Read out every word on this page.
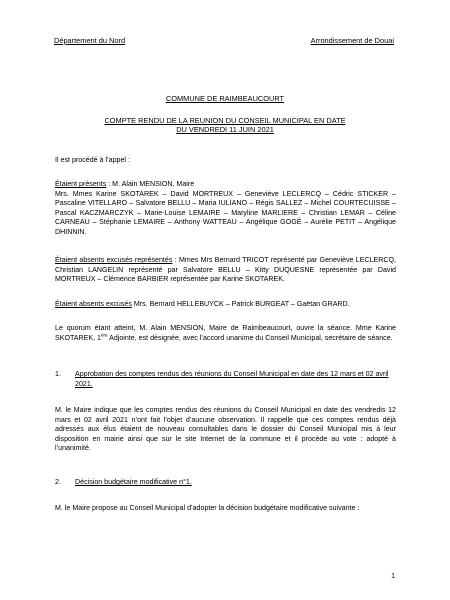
Département du Nord	Arrondissement de Douai
COMMUNE DE RAIMBEAUCOURT
COMPTE RENDU DE LA REUNION DU CONSEIL MUNICIPAL EN DATE
DU VENDREDI 11 JUIN 2021
Il est procédé à l’appel :
Étaient présents : M. Alain MENSION, Maire
Mrs. Mmes Karine SKOTAREK – David MORTREUX – Geneviève LECLERCQ – Cédric STICKER – Pascaline VITELLARO – Salvatore BELLU – Maria IULIANO – Régis SALLEZ – Michel COURTECUISSE – Pascal KACZMARCZYK – Marie-Louise LEMAIRE – Maryline MARLIERE – Christian LEMAR – Céline CARNEAU – Stéphanie LEMAIRE – Anthony WATTEAU – Angélique GOGÉ – Aurélie PETIT – Angélique DHINNIN.
Étaient absents excusés représentés : Mmes Mrs Bernard TRICOT représenté par Geneviève LECLERCQ, Christian LANGELIN représenté par Salvatore BELLU – Kitty DUQUESNE représentée par David MORTREUX – Clémence BARBIER représentée par Karine SKOTAREK.
Étaient absents excusés Mrs. Bernard HELLEBUYCK – Patrick BURGEAT – Gaëtan GRARD.
Le quorum étant atteint, M. Alain MENSION, Maire de Raimbeaucourt, ouvre la séance. Mme Karine SKOTAREK, 1ère Adjointe, est désignée, avec l’accord unanime du Conseil Municipal, secrétaire de séance.
1. Approbation des comptes rendus des réunions du Conseil Municipal en date des 12 mars et 02 avril 2021.
M. le Maire indique que les comptes rendus des réunions du Conseil Municipal en date des vendredis 12 mars et 02 avril 2021 n’ont fait l’objet d’aucune observation. Il rappelle que ces comptes rendus déjà adressés aux élus étaient de nouveau consultables dans le dossier du Conseil Municipal mis à leur disposition en mairie ainsi que sur le site Internet de la commune et il procède au vote : adopté à l’unanimité.
2. Décision budgétaire modificative n°1.
M. le Maire propose au Conseil Municipal d’adopter la décision budgétaire modificative suivante :
1
